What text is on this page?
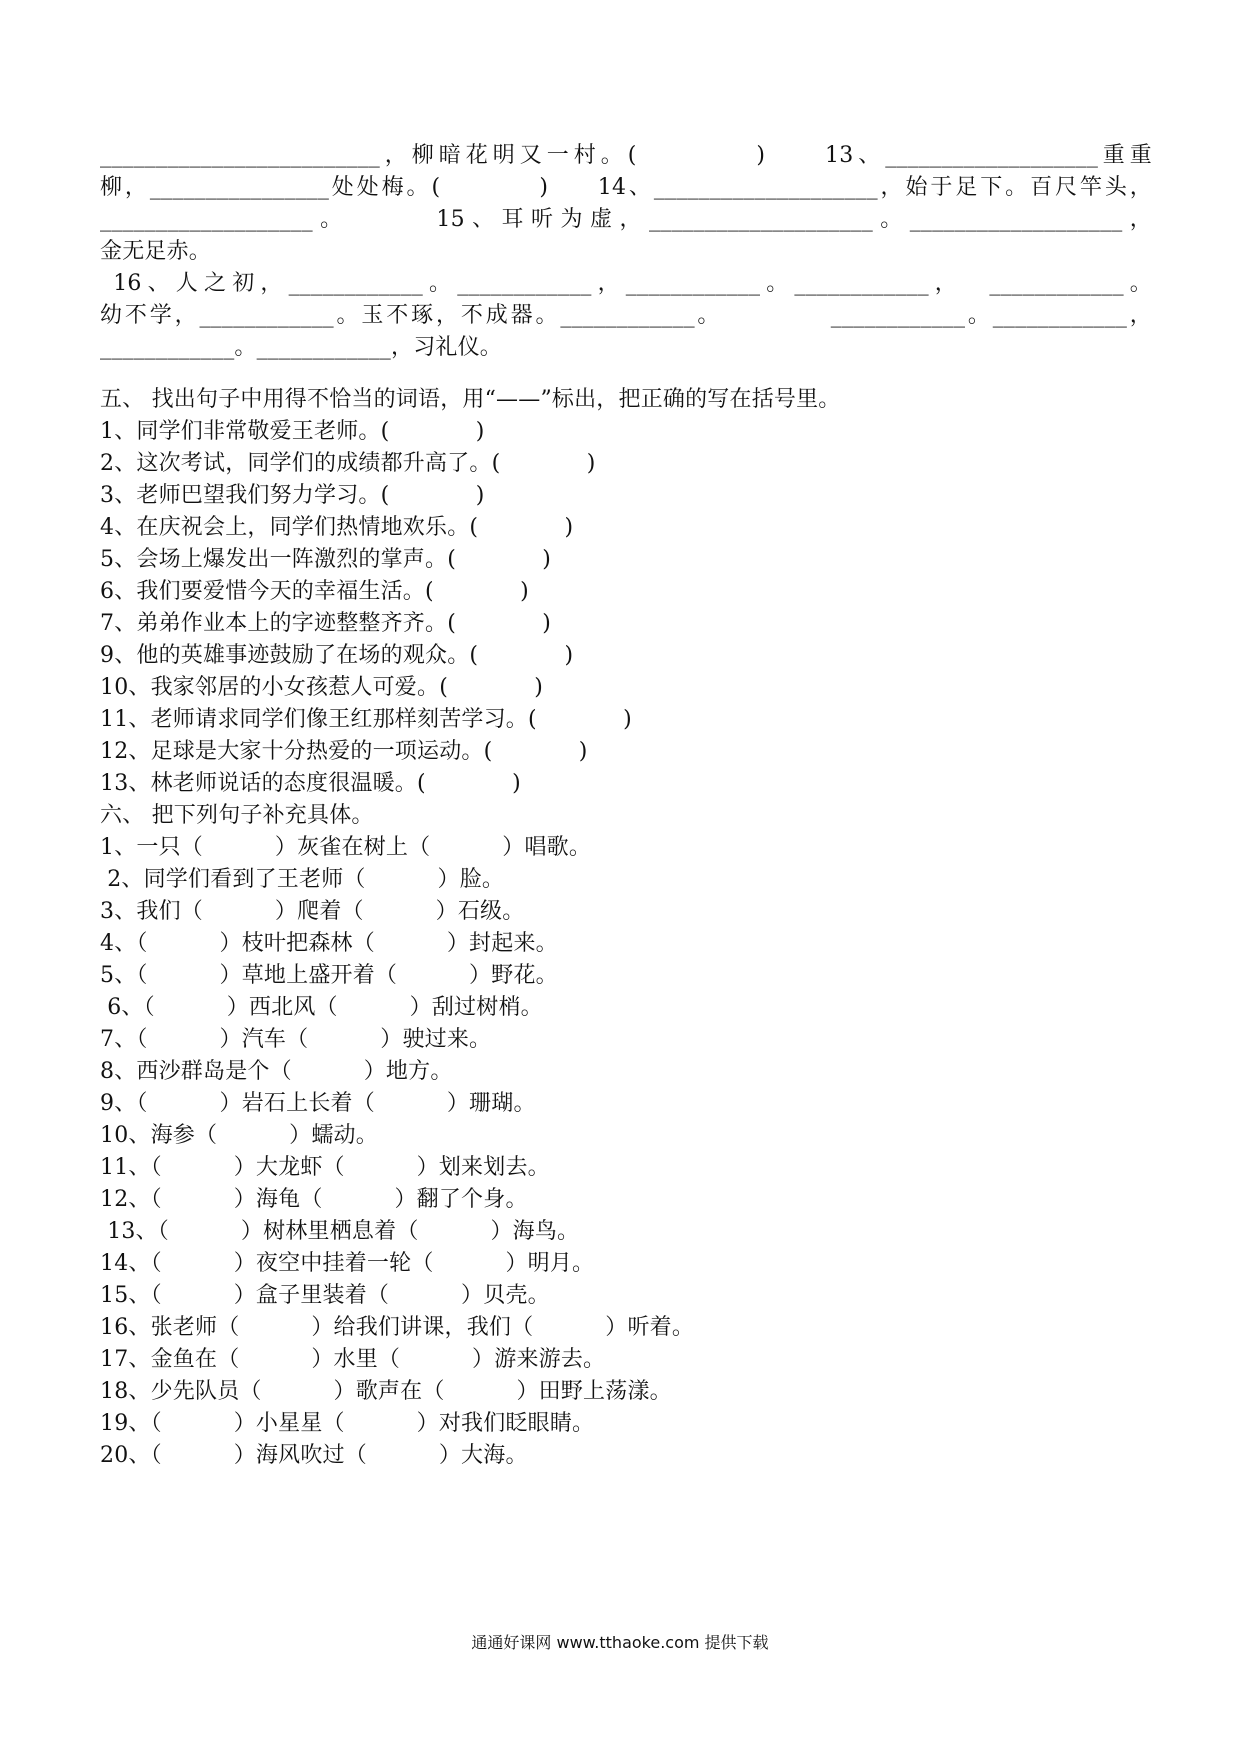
_________________________，柳暗花明又一村。(          )     13、___________________重重
柳，________________处处梅。(          )     14、____________________，始于足下。百尺竿头，
___________________。      15、耳听为虚，____________________。___________________，
金无足赤。
16、人之初，____________。____________，____________。____________，  ____________。
幼不学，____________。玉不琢，不成器。____________。           ____________。____________，
____________。____________，习礼仪。
五、 找出句子中用得不恰当的词语，用“——”标出，把正确的写在括号里。
1、同学们非常敬爱王老师。(            )
2、这次考试，同学们的成绩都升高了。(            )
3、老师巴望我们努力学习。(            )
4、在庆祝会上，同学们热情地欢乐。(            )
5、会场上爆发出一阵激烈的掌声。(            )
6、我们要爱惜今天的幸福生活。(            )
7、弟弟作业本上的字迹整整齐齐。(            )
9、他的英雄事迹鼓励了在场的观众。(            )
10、我家邻居的小女孩惹人可爱。(            )
11、老师请求同学们像王红那样刻苦学习。(            )
12、足球是大家十分热爱的一项运动。(            )
13、林老师说话的态度很温暖。(            )
六、 把下列句子补充具体。
1、一只（          ）灰雀在树上（          ）唱歌。
2、同学们看到了王老师（          ）脸。
3、我们（          ）爬着（          ）石级。
4、（          ）枝叶把森林（          ）封起来。
5、（          ）草地上盛开着（          ）野花。
6、（          ）西北风（          ）刮过树梢。
7、（          ）汽车（          ）驶过来。
8、西沙群岛是个（          ）地方。
9、（          ）岩石上长着（          ）珊瑚。
10、海参（          ）蠕动。
11、（          ）大龙虾（          ）划来划去。
12、（          ）海龟（          ）翻了个身。
13、（          ）树林里栖息着（          ）海鸟。
14、（          ）夜空中挂着一轮（          ）明月。
15、（          ）盒子里装着（          ）贝壳。
16、张老师（          ）给我们讲课，我们（          ）听着。
17、金鱼在（          ）水里（          ）游来游去。
18、少先队员（          ）歌声在（          ）田野上荡漾。
19、（          ）小星星（          ）对我们眨眼睛。
20、（          ）海风吹过（          ）大海。
通通好课网 www.tthaoke.com 提供下载
